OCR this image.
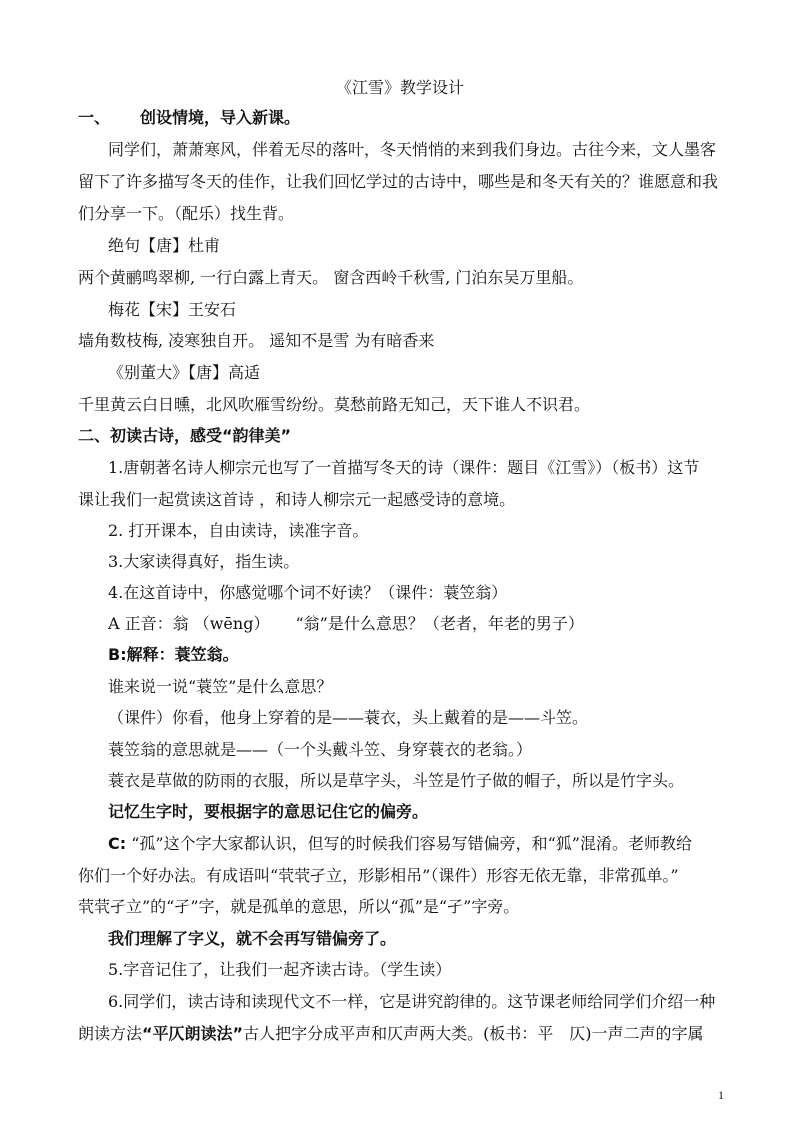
《江雪》教学设计
一、 创设情境，导入新课。
同学们，萧萧寒风，伴着无尽的落叶，冬天悄悄的来到我们身边。古往今来，文人墨客
留下了许多描写冬天的佳作，让我们回忆学过的古诗中，哪些是和冬天有关的？谁愿意和我
们分享一下。（配乐）找生背。
绝句【唐】杜甫
两个黄鹂鸣翠柳, 一行白露上青天。 窗含西岭千秋雪, 门泊东吴万里船。
梅花【宋】王安石
墙角数枝梅, 凌寒独自开。 遥知不是雪 为有暗香来
《别董大》【唐】高适
千里黄云白日曛，北风吹雁雪纷纷。莫愁前路无知己，天下谁人不识君。
二、初读古诗，感受“韵律美”
1.唐朝著名诗人柳宗元也写了一首描写冬天的诗（课件：题目《江雪》）（板书）这节
课让我们一起赏读这首诗 ，和诗人柳宗元一起感受诗的意境。
2. 打开课本，自由读诗，读准字音。
3.大家读得真好，指生读。
4.在这首诗中，你感觉哪个词不好读？（课件：蓑笠翁）
A 正音：翁 （wēng） “翁”是什么意思？（老者，年老的男子）
B:解释：蓑笠翁。
谁来说一说“蓑笠”是什么意思？
（课件）你看，他身上穿着的是——蓑衣，头上戴着的是——斗笠。
蓑笠翁的意思就是——（一个头戴斗笠、身穿蓑衣的老翁。）
蓑衣是草做的防雨的衣服，所以是草字头，斗笠是竹子做的帽子，所以是竹字头。
记忆生字时，要根据字的意思记住它的偏旁。
C: “孤”这个字大家都认识，但写的时候我们容易写错偏旁，和“狐”混淆。老师教给
你们一个好办法。有成语叫“茕茕孑立，形影相吊”（课件）形容无依无靠，非常孤单。”
茕茕孑立”的“孑”字，就是孤单的意思，所以“孤”是“孑”字旁。
我们理解了字义，就不会再写错偏旁了。
5.字音记住了，让我们一起齐读古诗。（学生读）
6.同学们，读古诗和读现代文不一样，它是讲究韵律的。这节课老师给同学们介绍一种
朗读方法“平仄朗读法”古人把字分成平声和仄声两大类。(板书：平　仄)一声二声的字属
1
